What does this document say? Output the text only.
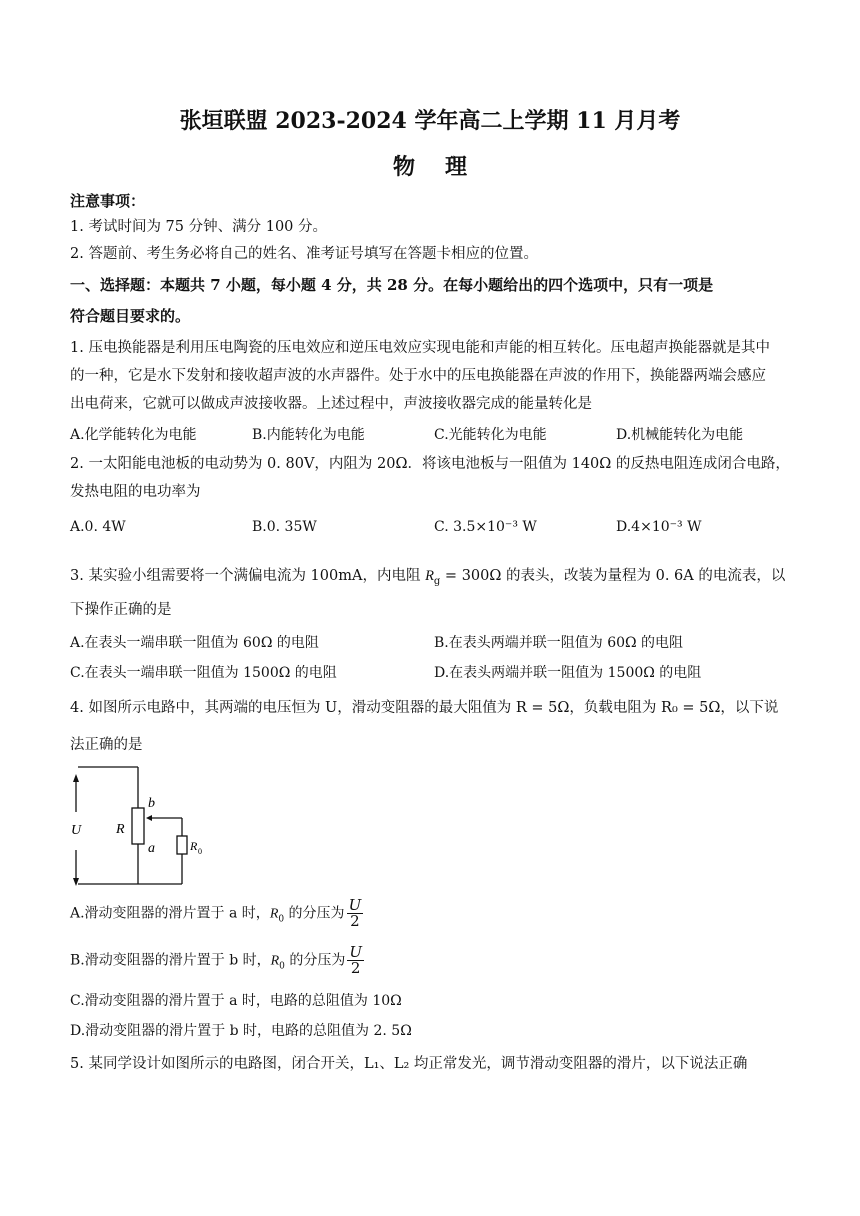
张垣联盟 2023-2024 学年高二上学期 11 月月考
物理
注意事项：
1. 考试时间为 75 分钟、满分 100 分。
2. 答题前、考生务必将自己的姓名、准考证号填写在答题卡相应的位置。
一、选择题：本题共 7 小题，每小题 4 分，共 28 分。在每小题给出的四个选项中，只有一项是
符合题目要求的。
1. 压电换能器是利用压电陶瓷的压电效应和逆压电效应实现电能和声能的相互转化。压电超声换能器就是其中
的一种，它是水下发射和接收超声波的水声器件。处于水中的压电换能器在声波的作用下，换能器两端会感应
出电荷来，它就可以做成声波接收器。上述过程中，声波接收器完成的能量转化是
A.化学能转化为电能	B.内能转化为电能	C.光能转化为电能	D.机械能转化为电能
2. 一太阳能电池板的电动势为 0. 80V，内阻为 20Ω．将该电池板与一阻值为 140Ω 的反热电阻连成闭合电路，
发热电阻的电功率为
A.0. 4W	B.0. 35W	C. 3.5×10⁻³ W	D.4×10⁻³ W
3. 某实验小组需要将一个满偏电流为 100mA，内电阻 $R_g = 300\Omega$ 的表头，改装为量程为 0. 6A 的电流表，以
下操作正确的是
A.在表头一端串联一阻值为 60Ω 的电阻	B.在表头两端并联一阻值为 60Ω 的电阻
C.在表头一端串联一阻值为 1500Ω 的电阻	D.在表头两端并联一阻值为 1500Ω 的电阻
4. 如图所示电路中，其两端的电压恒为 U，滑动变阻器的最大阻值为 R = 5Ω，负载电阻为 R₀ = 5Ω，以下说
法正确的是
U R
b
a	R 0
A.滑动变阻器的滑片置于 a 时，$R_0$ 的分压为 $\frac{U}{2}$
B.滑动变阻器的滑片置于 b 时，$R_0$ 的分压为 $\frac{U}{2}$
C.滑动变阻器的滑片置于 a 时，电路的总阻值为 10Ω
D.滑动变阻器的滑片置于 b 时，电路的总阻值为 2. 5Ω
5. 某同学设计如图所示的电路图，闭合开关，L₁、L₂ 均正常发光，调节滑动变阻器的滑片，以下说法正确
